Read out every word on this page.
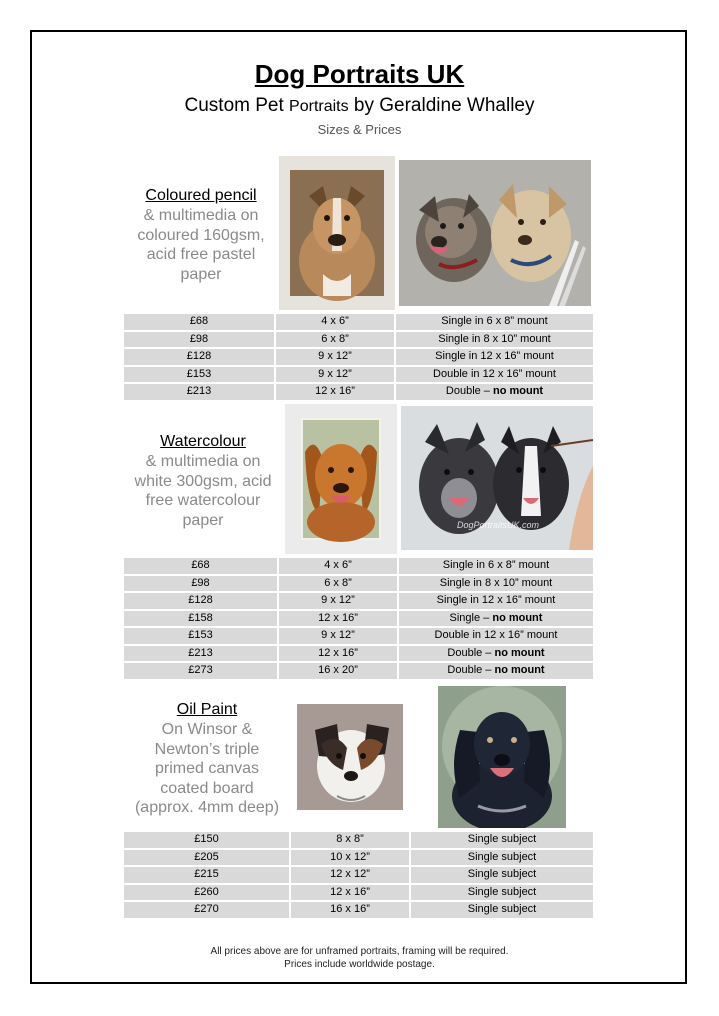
Dog Portraits UK
Custom Pet Portraits by Geraldine Whalley
Sizes & Prices
Coloured pencil
& multimedia on
coloured 160gsm,
acid free pastel
paper
£68	4 x 6”	Single in 6 x 8” mount
£98	6 x 8”	Single in 8 x 10” mount
£128	9 x 12”	Single in 12 x 16” mount
£153	9 x 12”	Double in 12 x 16” mount
£213	12 x 16”	Double – no mount
Watercolour
& multimedia on
white 300gsm, acid
free watercolour
paper	DogPortraitsUK.com
£68	4 x 6”	Single in 6 x 8” mount
£98	6 x 8”	Single in 8 x 10” mount
£128	9 x 12”	Single in 12 x 16” mount
£158	12 x 16”	Single – no mount
£153	9 x 12”	Double in 12 x 16” mount
£213	12 x 16”	Double – no mount
£273	16 x 20”	Double – no mount
Oil Paint
On Winsor &
Newton’s triple
primed canvas
coated board
(approx. 4mm deep)
£150	8 x 8”	Single subject
£205	10 x 12”	Single subject
£215	12 x 12”	Single subject
£260	12 x 16”	Single subject
£270	16 x 16”	Single subject
All prices above are for unframed portraits, framing will be required.
Prices include worldwide postage.
